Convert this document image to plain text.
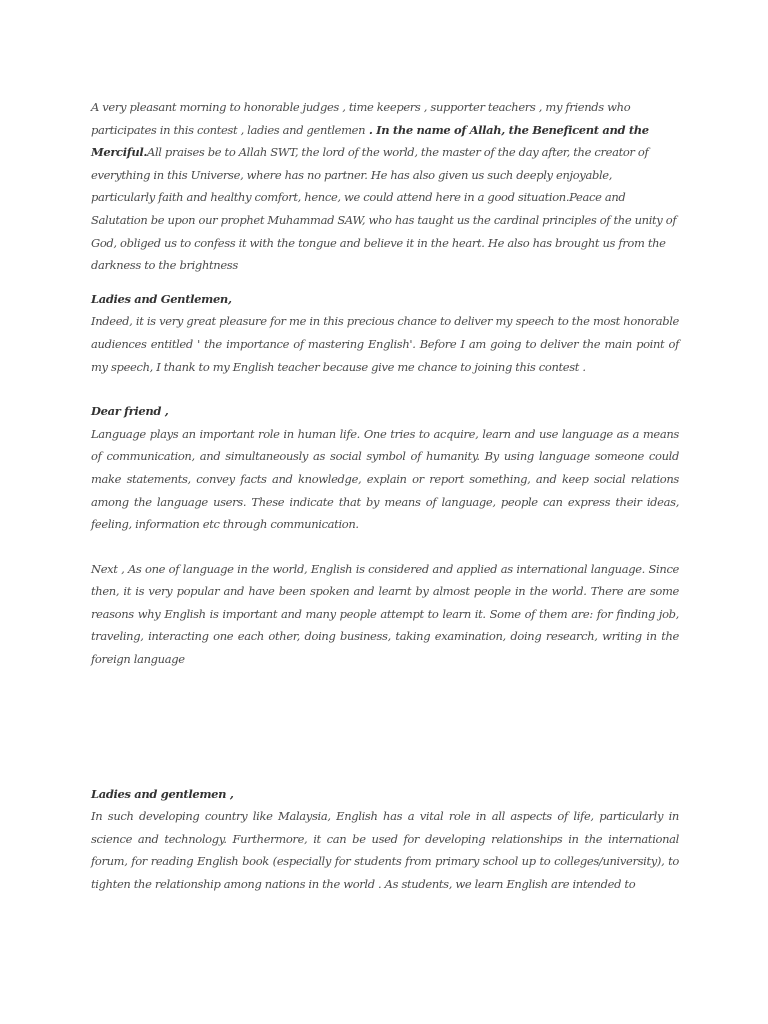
A very pleasant morning to honorable judges , time keepers , supporter teachers , my friends who participates in this contest , ladies and gentlemen . In the name of Allah, the Beneficent and the Merciful.All praises be to Allah SWT, the lord of the world, the master of the day after, the creator of everything in this Universe, where has no partner. He has also given us such deeply enjoyable, particularly faith and healthy comfort, hence, we could attend here in a good situation.Peace and Salutation be upon our prophet Muhammad SAW, who has taught us the cardinal principles of the unity of God, obliged us to confess it with the tongue and believe it in the heart. He also has brought us from the darkness to the brightness

Ladies and Gentlemen,

Indeed, it is very great pleasure for me in this precious chance to deliver my speech to the most honorable audiences entitled ' the importance of mastering English'. Before I am going to deliver the main point of my speech, I thank to my English teacher because give me chance to joining this contest .

Dear friend ,

Language plays an important role in human life. One tries to acquire, learn and use language as a means of communication, and simultaneously as social symbol of humanity. By using language someone could make statements, convey facts and knowledge, explain or report something, and keep social relations among the language users. These indicate that by means of language, people can express their ideas, feeling, information etc through communication.

Next , As one of language in the world, English is considered and applied as international language. Since then, it is very popular and have been spoken and learnt by almost people in the world. There are some reasons why English is important and many people attempt to learn it. Some of them are: for finding job, traveling, interacting one each other, doing business, taking examination, doing research, writing in the foreign language

Ladies and gentlemen ,

In such developing country like Malaysia, English has a vital role in all aspects of life, particularly in science and technology. Furthermore, it can be used for developing relationships in the international forum, for reading English book (especially for students from primary school up to colleges/university), to tighten the relationship among nations in the world . As students, we learn English are intended to
